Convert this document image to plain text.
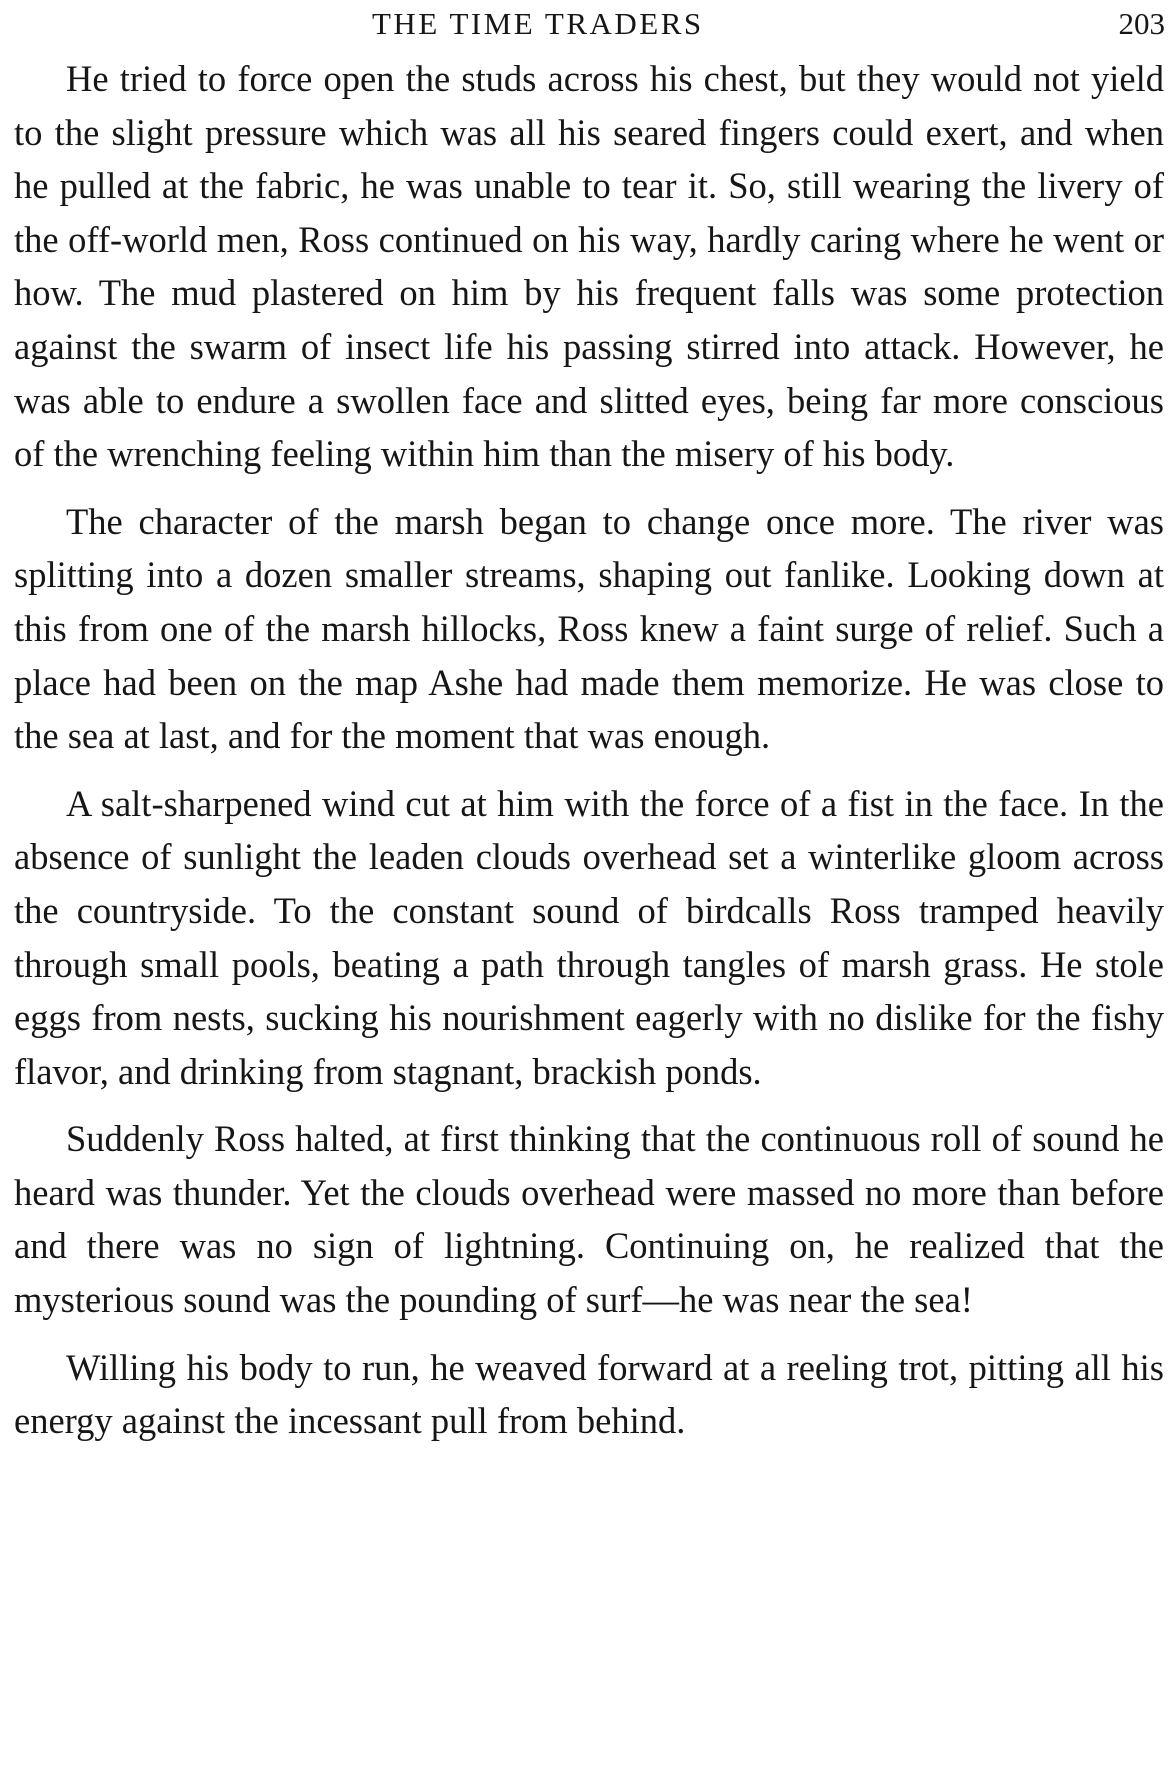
THE TIME TRADERS	203

He tried to force open the studs across his chest, but they would not yield to the slight pressure which was all his seared fingers could exert, and when he pulled at the fabric, he was unable to tear it. So, still wearing the livery of the off-world men, Ross continued on his way, hardly caring where he went or how. The mud plastered on him by his frequent falls was some protection against the swarm of insect life his passing stirred into attack. However, he was able to endure a swollen face and slitted eyes, being far more conscious of the wrenching feeling within him than the misery of his body.

The character of the marsh began to change once more. The river was splitting into a dozen smaller streams, shaping out fanlike. Looking down at this from one of the marsh hillocks, Ross knew a faint surge of relief. Such a place had been on the map Ashe had made them memorize. He was close to the sea at last, and for the moment that was enough.

A salt-sharpened wind cut at him with the force of a fist in the face. In the absence of sunlight the leaden clouds overhead set a winterlike gloom across the countryside. To the constant sound of birdcalls Ross tramped heavily through small pools, beating a path through tangles of marsh grass. He stole eggs from nests, sucking his nourishment eagerly with no dislike for the fishy flavor, and drinking from stagnant, brackish ponds.

Suddenly Ross halted, at first thinking that the continuous roll of sound he heard was thunder. Yet the clouds overhead were massed no more than before and there was no sign of lightning. Continuing on, he realized that the mysterious sound was the pounding of surf—he was near the sea!

Willing his body to run, he weaved forward at a reeling trot, pitting all his energy against the incessant pull from behind.
